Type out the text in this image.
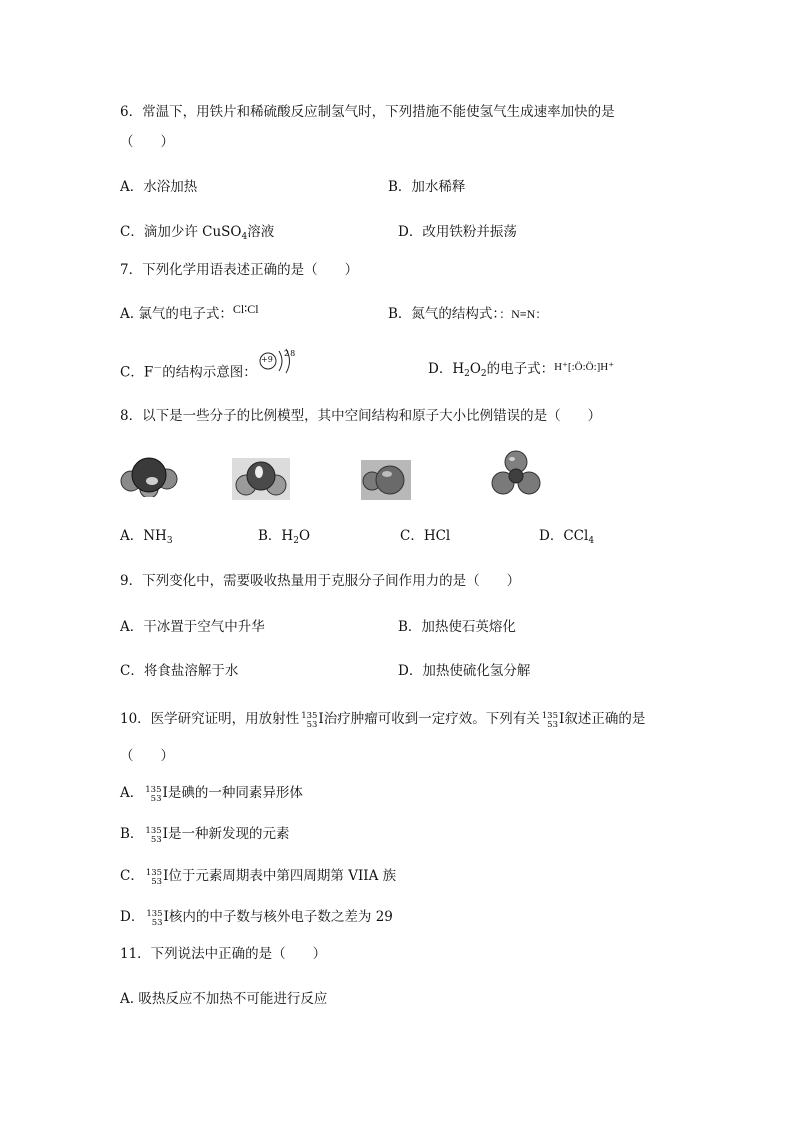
6．常温下，用铁片和稀硫酸反应制氢气时，下列措施不能使氢气生成速率加快的是
（　　）
A．水浴加热	B．加水稀释
C．滴加少许 CuSO$_4$溶液	D．改用铁粉并振荡
7．下列化学用语表述正确的是（　　）
A. 氯气的电子式：Cl∶Cl	B．氮气的结构式：：N≡N：
C．F－的结构示意图：
+9
28
D．$H_2O_2$的电子式：$^{H^+[:Ö:Ö:]H^+}$
8．以下是一些分子的比例模型，其中空间结构和原子大小比例错误的是（　　）
A．$NH_3$	B．$H_2O$	C．HCl	D．CCl$_4$
9．下列变化中，需要吸收热量用于克服分子间作用力的是（　　）
A．干冰置于空气中升华	B．加热使石英熔化
C．将食盐溶解于水	D．加热使硫化氢分解
10．医学研究证明，用放射性 135
53 I治疗肿瘤可收到一定疗效。下列有关 135
53 I叙述正确的是
（　　）
A． 135
53 I是碘的一种同素异形体
B． 135
53 I是一种新发现的元素
C． 135
53 I位于元素周期表中第四周期第 VIIA 族
D． 135
53 I核内的中子数与核外电子数之差为 29
11．下列说法中正确的是（　　）
A. 吸热反应不加热不可能进行反应
